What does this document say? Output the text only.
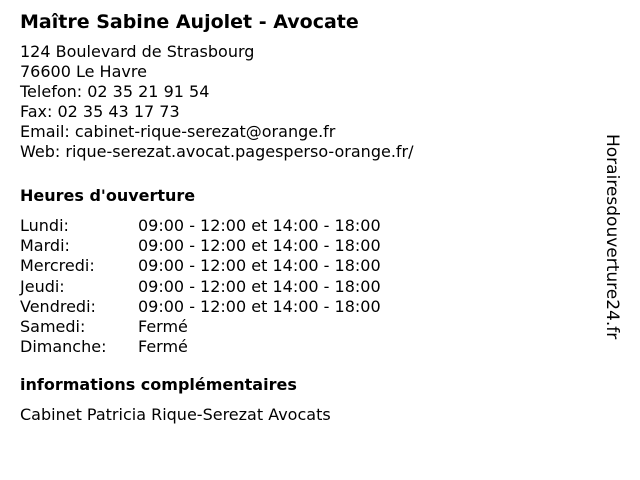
Maître Sabine Aujolet - Avocate
124 Boulevard de Strasbourg
76600 Le Havre
Telefon: 02 35 21 91 54
Fax: 02 35 43 17 73
Email: cabinet-rique-serezat@orange.fr
Web: rique-serezat.avocat.pagesperso-orange.fr/
Heures d'ouverture
Lundi:	09:00 - 12:00 et 14:00 - 18:00
Mardi:	09:00 - 12:00 et 14:00 - 18:00
Mercredi:	09:00 - 12:00 et 14:00 - 18:00
Jeudi:	09:00 - 12:00 et 14:00 - 18:00
Vendredi:	09:00 - 12:00 et 14:00 - 18:00
Samedi:	Fermé
Dimanche: Fermé
informations complémentaires
Cabinet Patricia Rique-Serezat Avocats
Horairesdouverture24.fr
